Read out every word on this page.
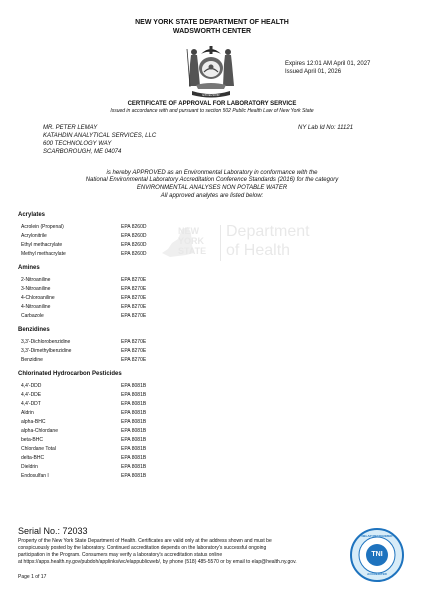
NEW YORK STATE DEPARTMENT OF HEALTH
WADSWORTH CENTER
EXCELSIOR
Expires 12:01 AM April 01, 2027
Issued April 01, 2026
CERTIFICATE OF APPROVAL FOR LABORATORY SERVICE
Issued in accordance with and pursuant to section 502 Public Health Law of New York State
MR. PETER LEMAY
KATAHDIN ANALYTICAL SERVICES, LLC
600 TECHNOLOGY WAY
SCARBOROUGH, ME 04074
NY Lab Id No: 11121
is hereby APPROVED as an Environmental Laboratory in conformance with the
National Environmental Laboratory Accreditation Conference Standards (2016) for the category
ENVIRONMENTAL ANALYSES NON POTABLE WATER
All approved analytes are listed below:
NEW
YORK
STATE
Department
of Health
Acrylates
Acrolein (Propenal)	EPA 8260D
Acrylonitrile	EPA 8260D
Ethyl methacrylate	EPA 8260D
Methyl methacrylate	EPA 8260D
Amines
2-Nitroaniline	EPA 8270E
3-Nitroaniline	EPA 8270E
4-Chloroaniline	EPA 8270E
4-Nitroaniline	EPA 8270E
Carbazole	EPA 8270E
Benzidines
3,3'-Dichlorobenzidine	EPA 8270E
3,3'-Dimethylbenzidine	EPA 8270E
Benzidine	EPA 8270E
Chlorinated Hydrocarbon Pesticides
4,4'-DDD	EPA 8081B
4,4'-DDE	EPA 8081B
4,4'-DDT	EPA 8081B
Aldrin	EPA 8081B
alpha-BHC	EPA 8081B
alpha-Chlordane	EPA 8081B
beta-BHC	EPA 8081B
Chlordane Total	EPA 8081B
delta-BHC	EPA 8081B
Dieldrin	EPA 8081B
Endosulfan I	EPA 8081B
Serial No.: 72033
Property of the New York State Department of Health. Certificates are valid only at the address shown and must be
conspicuously posted by the laboratory. Continued accreditation depends on the laboratory's successful ongoing
participation in the Program. Consumers may verify a laboratory's accreditation status online
at https://apps.health.ny.gov/pubdoh/applinks/wc/elappublicweb/, by phone (518) 485-5570 or by email to elap@health.ny.gov.
Page 1 of 17
NELAP RECOGNIZED
TNI
ACCREDITED
